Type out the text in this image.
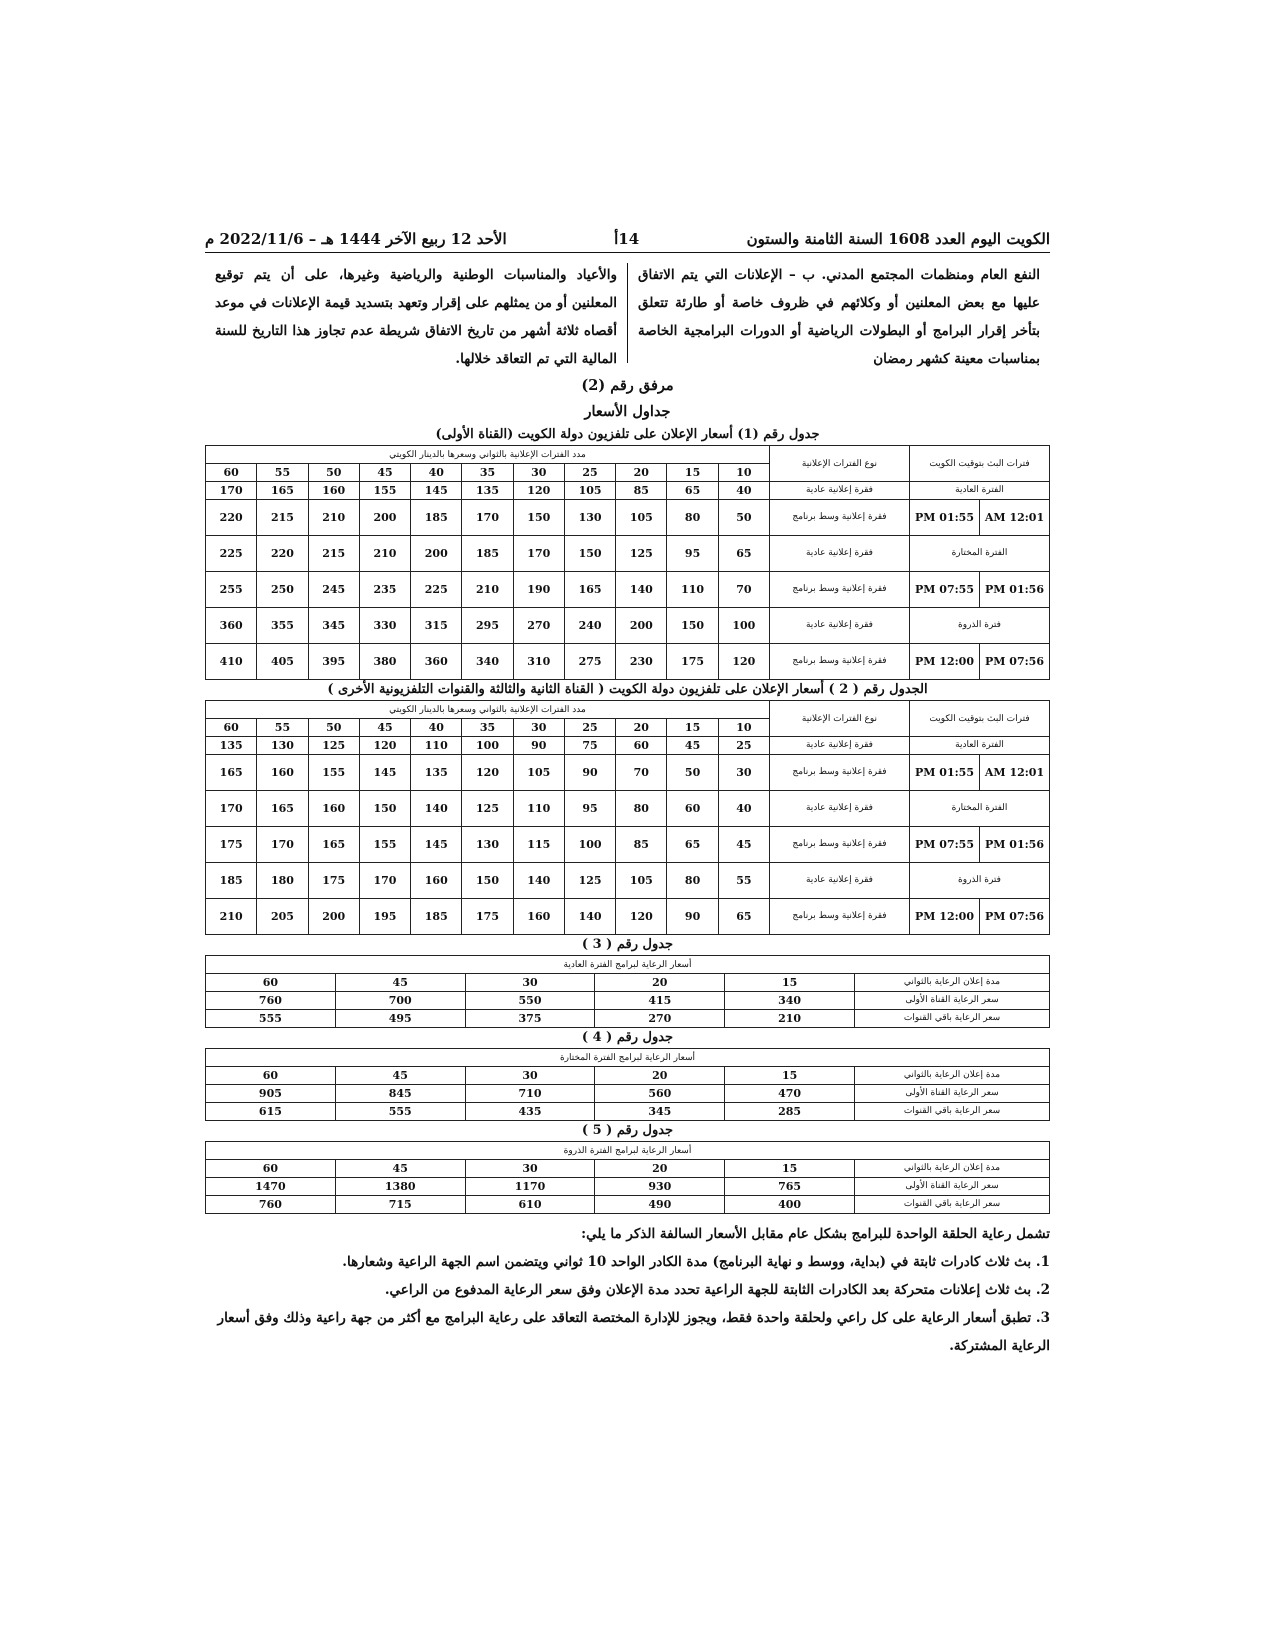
الكويت اليوم العدد 1608 السنة الثامنة والستون
14أ
الأحد 12 ربيع الآخر 1444 هـ – 2022/11/6 م
النفع العام ومنظمات المجتمع المدني. ب – الإعلانات التي يتم الاتفاق عليها مع بعض المعلنين أو وكلائهم في ظروف خاصة أو طارئة تتعلق بتأخر إقرار البرامج أو البطولات الرياضية أو الدورات البرامجية الخاصة بمناسبات معينة كشهر رمضان
والأعياد والمناسبات الوطنية والرياضية وغيرها، على أن يتم توقيع المعلنين أو من يمثلهم على إقرار وتعهد بتسديد قيمة الإعلانات في موعد أقصاه ثلاثة أشهر من تاريخ الاتفاق شريطة عدم تجاوز هذا التاريخ للسنة المالية التي تم التعاقد خلالها.
مرفق رقم (2)
جداول الأسعار
جدول رقم (1) أسعار الإعلان على تلفزيون دولة الكويت (القناة الأولى)
فترات البث بتوقيت الكويت		نوع الفترات الإعلانية	مدد الفترات الإعلانية بالثواني وسعرها بالدينار الكويتي										
			10	15	20	25	30	35	40	45	50	55	60
الفترة العادية		فقرة إعلانية عادية	40	65	85	105	120	135	145	155	160	165	170
12:01 AM	PM 01:55	فقرة إعلانية وسط برنامج	50	80	105	130	150	170	185	200	210	215	220
الفترة المختارة		فقرة إعلانية عادية	65	95	125	150	170	185	200	210	215	220	225
PM 01:56	PM 07:55	فقرة إعلانية وسط برنامج	70	110	140	165	190	210	225	235	245	250	255
فترة الذروة		فقرة إعلانية عادية	100	150	200	240	270	295	315	330	345	355	360
PM 07:56	PM 12:00	فقرة إعلانية وسط برنامج	120	175	230	275	310	340	360	380	395	405	410
الجدول رقم ( 2 ) أسعار الإعلان على تلفزيون دولة الكويت ( القناة الثانية والثالثة والقنوات التلفزيونية الأخرى )
فترات البث بتوقيت الكويت		نوع الفترات الإعلانية	مدد الفترات الإعلانية بالثواني وسعرها بالدينار الكويتي										
			10	15	20	25	30	35	40	45	50	55	60
الفترة العادية		فقرة إعلانية عادية	25	45	60	75	90	100	110	120	125	130	135
12:01 AM	PM 01:55	فقرة إعلانية وسط برنامج	30	50	70	90	105	120	135	145	155	160	165
الفترة المختارة		فقرة إعلانية عادية	40	60	80	95	110	125	140	150	160	165	170
PM 01:56	PM 07:55	فقرة إعلانية وسط برنامج	45	65	85	100	115	130	145	155	165	170	175
فترة الذروة		فقرة إعلانية عادية	55	80	105	125	140	150	160	170	175	180	185
PM 07:56	PM 12:00	فقرة إعلانية وسط برنامج	65	90	120	140	160	175	185	195	200	205	210
جدول رقم ( 3 )
أسعار الرعاية لبرامج الفترة العادية					
مدة إعلان الرعاية بالثواني	15	20	30	45	60
سعر الرعاية القناة الأولى	340	415	550	700	760
سعر الرعاية باقي القنوات	210	270	375	495	555
جدول رقم ( 4 )
أسعار الرعاية لبرامج الفترة المختارة					
مدة إعلان الرعاية بالثواني	15	20	30	45	60
سعر الرعاية القناة الأولى	470	560	710	845	905
سعر الرعاية باقي القنوات	285	345	435	555	615
جدول رقم ( 5 )
أسعار الرعاية لبرامج الفترة الذروة					
مدة إعلان الرعاية بالثواني	15	20	30	45	60
سعر الرعاية القناة الأولى	765	930	1170	1380	1470
سعر الرعاية باقي القنوات	400	490	610	715	760

تشمل رعاية الحلقة الواحدة للبرامج بشكل عام مقابل الأسعار السالفة الذكر ما يلي:

1. بث ثلاث كادرات ثابتة في (بداية، ووسط و نهاية البرنامج) مدة الكادر الواحد 10 ثواني ويتضمن اسم الجهة الراعية وشعارها.

2. بث ثلاث إعلانات متحركة بعد الكادرات الثابتة للجهة الراعية تحدد مدة الإعلان وفق سعر الرعاية المدفوع من الراعي.

3. تطبق أسعار الرعاية على كل راعي ولحلقة واحدة فقط، ويجوز للإدارة المختصة التعاقد على رعاية البرامج مع أكثر من جهة راعية وذلك وفق أسعار الرعاية المشتركة.
